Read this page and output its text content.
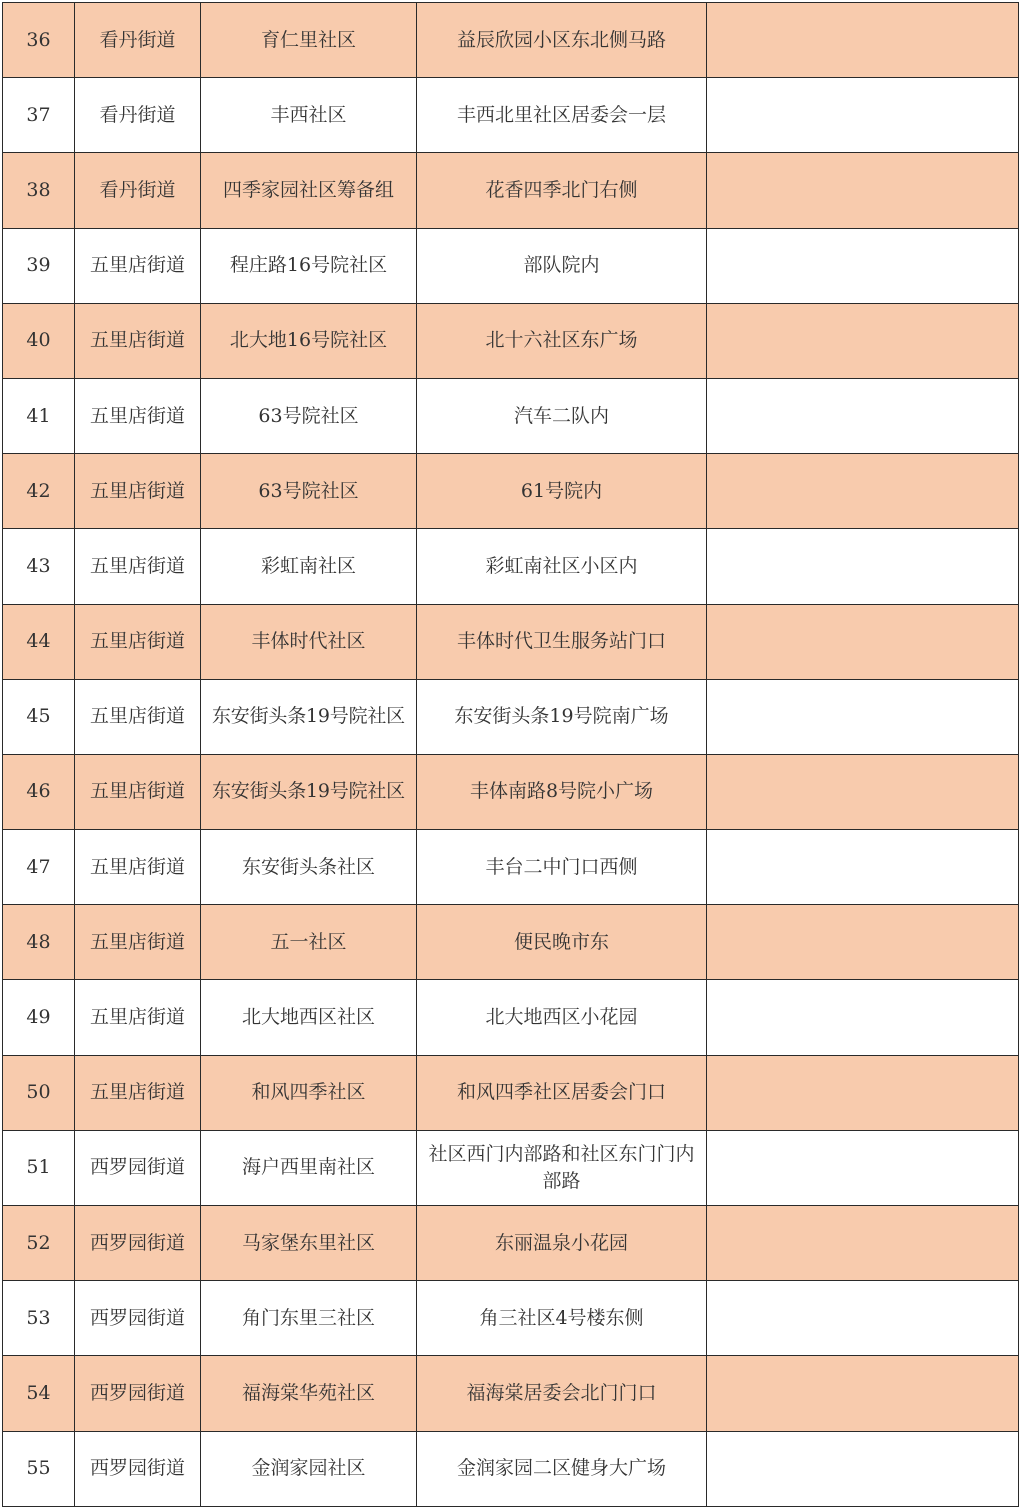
36	看丹街道	育仁里社区	益辰欣园小区东北侧马路	
37	看丹街道	丰西社区	丰西北里社区居委会一层	
38	看丹街道	四季家园社区筹备组	花香四季北门右侧	
39	五里店街道	程庄路16号院社区	部队院内	
40	五里店街道	北大地16号院社区	北十六社区东广场	
41	五里店街道	63号院社区	汽车二队内	
42	五里店街道	63号院社区	61号院内	
43	五里店街道	彩虹南社区	彩虹南社区小区内	
44	五里店街道	丰体时代社区	丰体时代卫生服务站门口	
45	五里店街道	东安街头条19号院社区	东安街头条19号院南广场	
46	五里店街道	东安街头条19号院社区	丰体南路8号院小广场	
47	五里店街道	东安街头条社区	丰台二中门口西侧	
48	五里店街道	五一社区	便民晚市东	
49	五里店街道	北大地西区社区	北大地西区小花园	
50	五里店街道	和风四季社区	和风四季社区居委会门口	
51	西罗园街道	海户西里南社区	社区西门内部路和社区东门门内部路	
52	西罗园街道	马家堡东里社区	东丽温泉小花园	
53	西罗园街道	角门东里三社区	角三社区4号楼东侧	
54	西罗园街道	福海棠华苑社区	福海棠居委会北门门口	
55	西罗园街道	金润家园社区	金润家园二区健身大广场	
